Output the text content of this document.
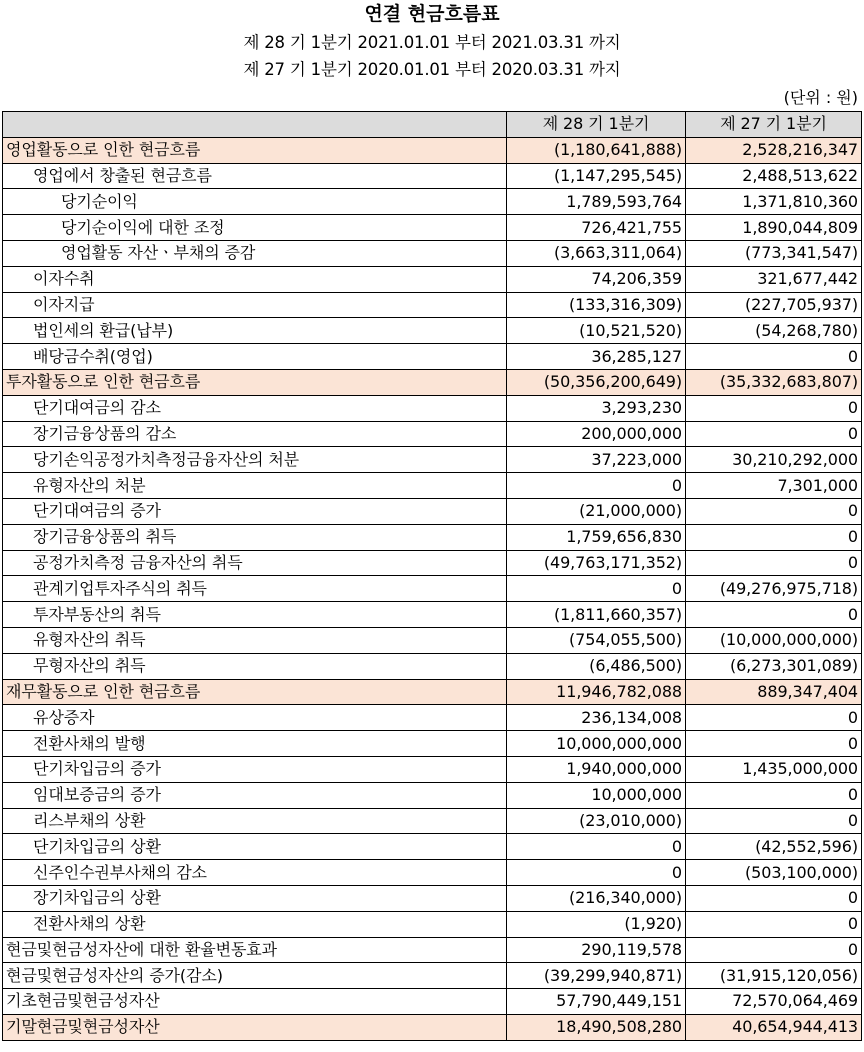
연결 현금흐름표
제 28 기 1분기 2021.01.01 부터 2021.03.31 까지
제 27 기 1분기 2020.01.01 부터 2020.03.31 까지
(단위 : 원)
	제 28 기 1분기	제 27 기 1분기
영업활동으로 인한 현금흐름	(1,180,641,888)	2,528,216,347
영업에서 창출된 현금흐름	(1,147,295,545)	2,488,513,622
당기순이익	1,789,593,764	1,371,810,360
당기순이익에 대한 조정	726,421,755	1,890,044,809
영업활동 자산ㆍ부채의 증감	(3,663,311,064)	(773,341,547)
이자수취	74,206,359	321,677,442
이자지급	(133,316,309)	(227,705,937)
법인세의 환급(납부)	(10,521,520)	(54,268,780)
배당금수취(영업)	36,285,127	0
투자활동으로 인한 현금흐름	(50,356,200,649)	(35,332,683,807)
단기대여금의 감소	3,293,230	0
장기금융상품의 감소	200,000,000	0
당기손익공정가치측정금융자산의 처분	37,223,000	30,210,292,000
유형자산의 처분	0	7,301,000
단기대여금의 증가	(21,000,000)	0
장기금융상품의 취득	1,759,656,830	0
공정가치측정 금융자산의 취득	(49,763,171,352)	0
관계기업투자주식의 취득	0	(49,276,975,718)
투자부동산의 취득	(1,811,660,357)	0
유형자산의 취득	(754,055,500)	(10,000,000,000)
무형자산의 취득	(6,486,500)	(6,273,301,089)
재무활동으로 인한 현금흐름	11,946,782,088	889,347,404
유상증자	236,134,008	0
전환사채의 발행	10,000,000,000	0
단기차입금의 증가	1,940,000,000	1,435,000,000
임대보증금의 증가	10,000,000	0
리스부채의 상환	(23,010,000)	0
단기차입금의 상환	0	(42,552,596)
신주인수권부사채의 감소	0	(503,100,000)
장기차입금의 상환	(216,340,000)	0
전환사채의 상환	(1,920)	0
현금및현금성자산에 대한 환율변동효과	290,119,578	0
현금및현금성자산의 증가(감소)	(39,299,940,871)	(31,915,120,056)
기초현금및현금성자산	57,790,449,151	72,570,064,469
기말현금및현금성자산	18,490,508,280	40,654,944,413
